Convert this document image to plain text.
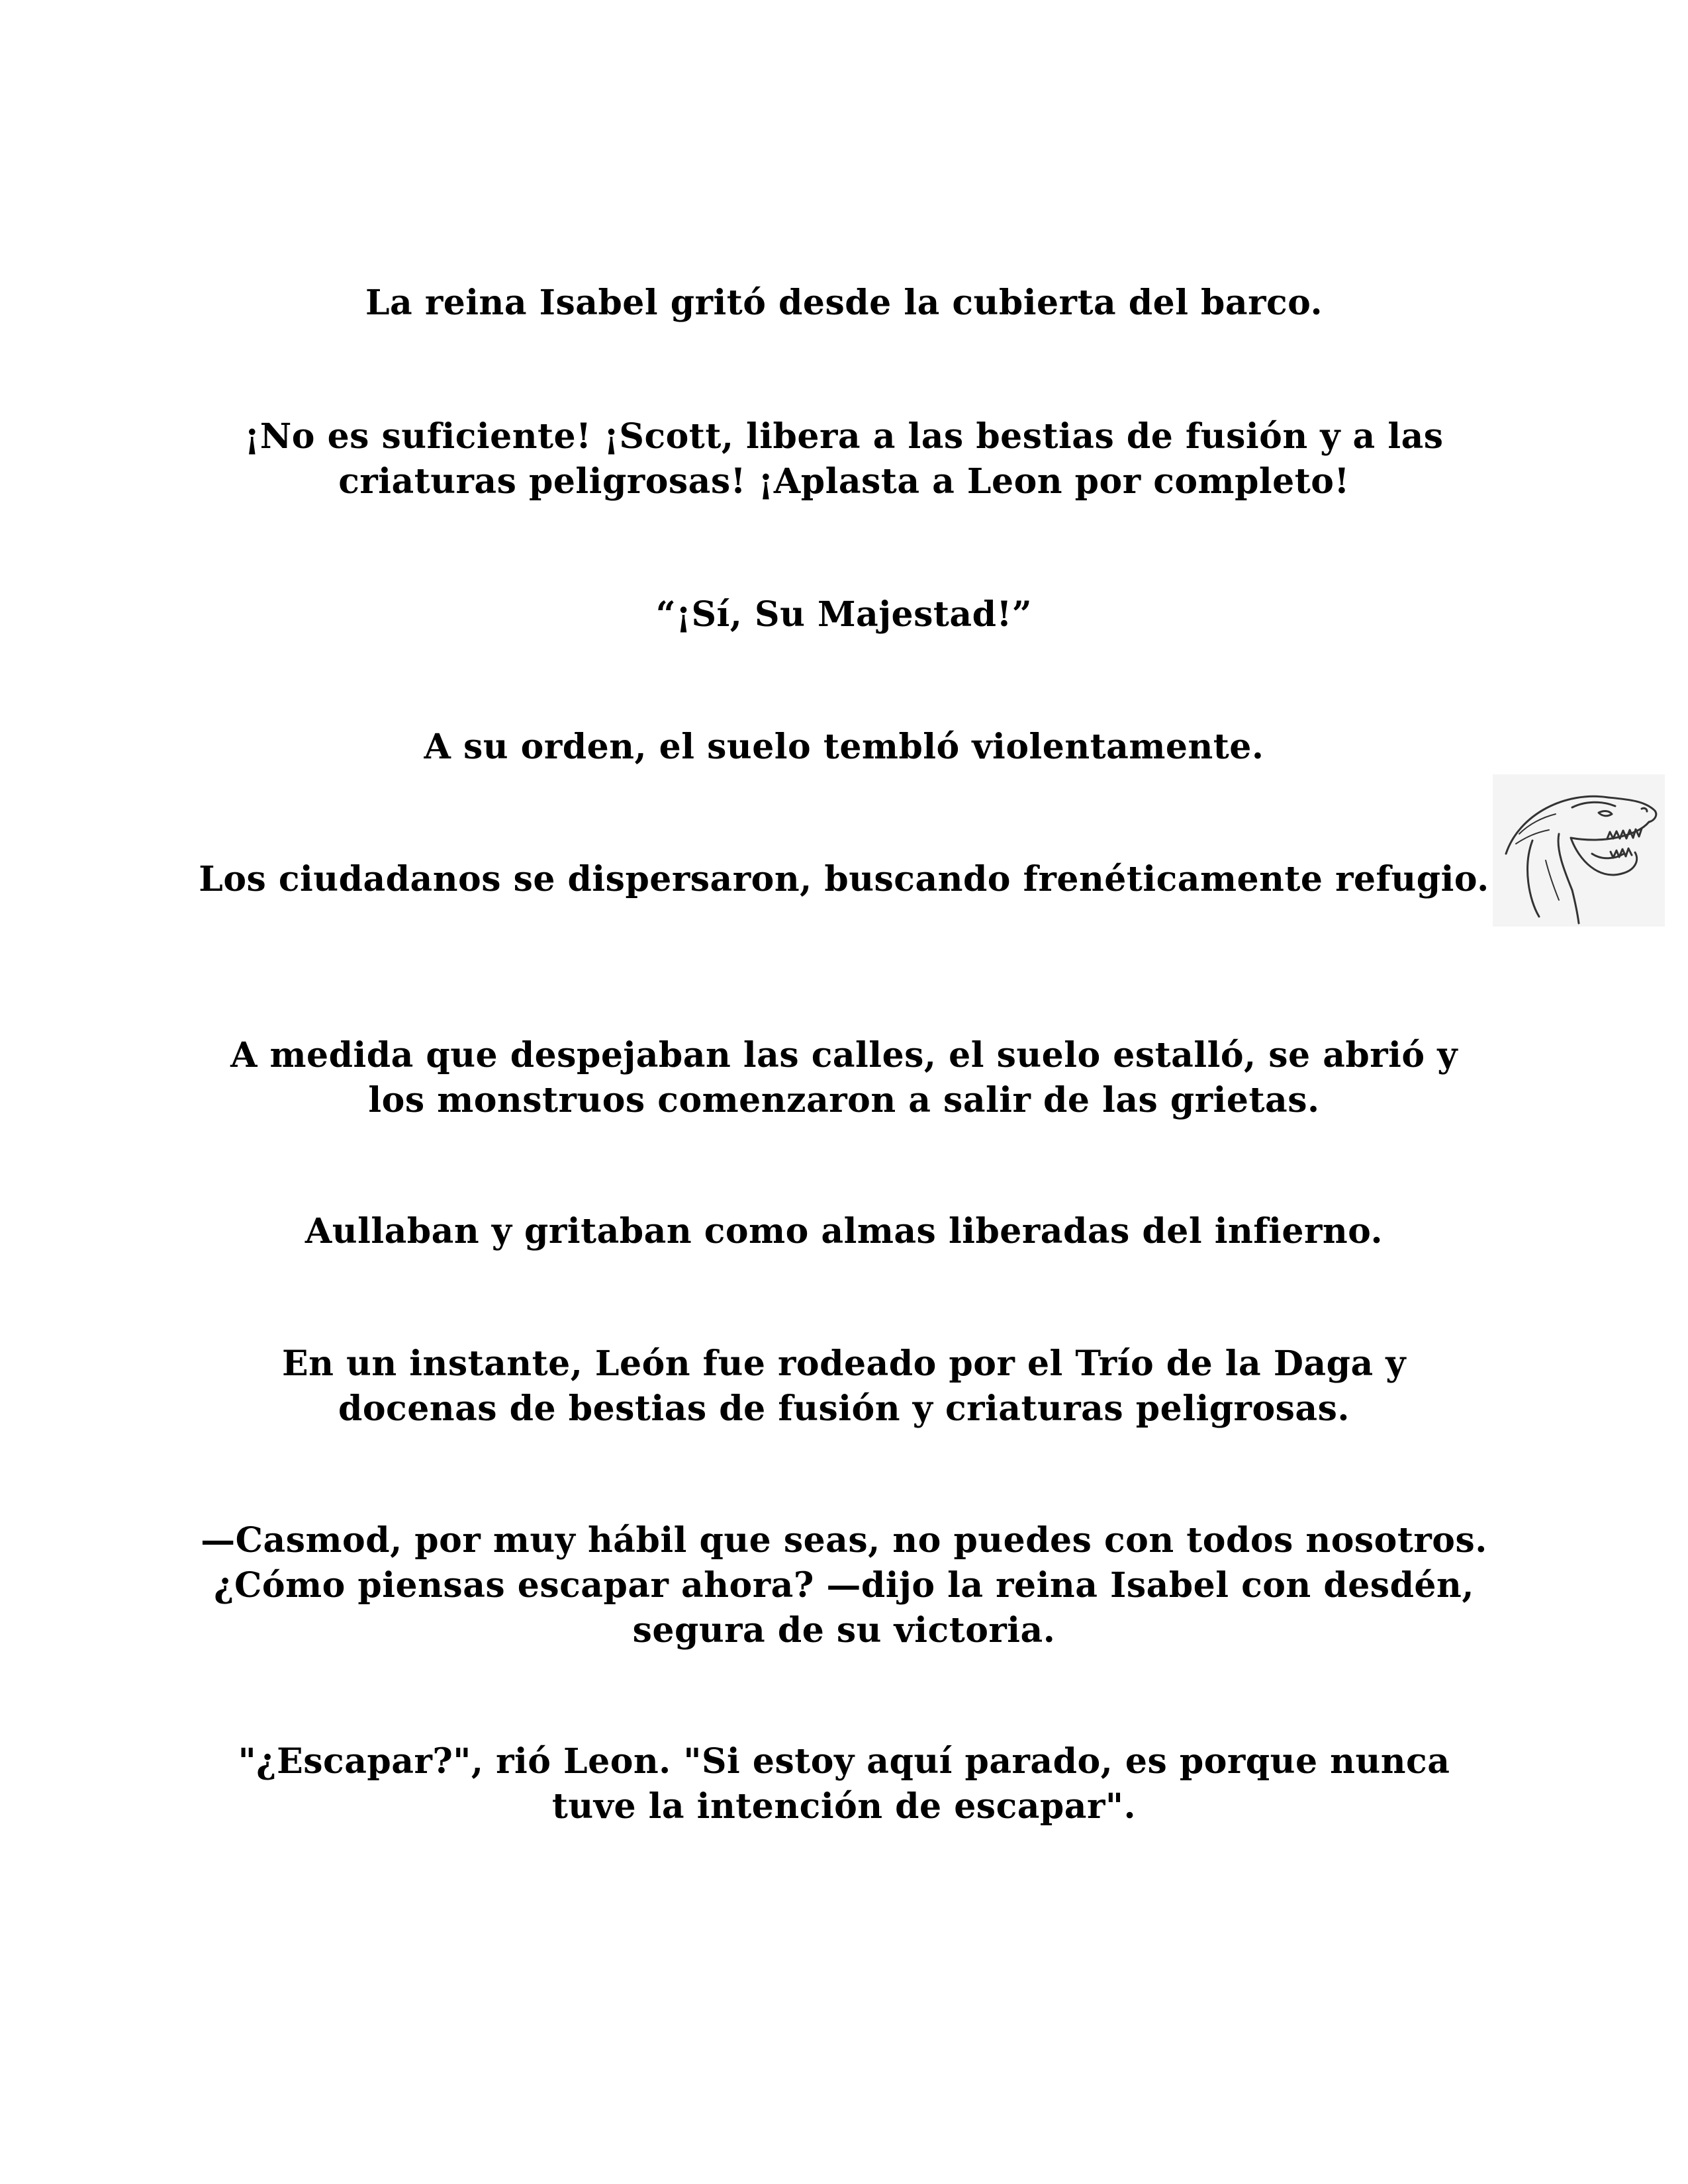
La reina Isabel gritó desde la cubierta del barco.

¡No es suficiente! ¡Scott, libera a las bestias de fusión y a las criaturas peligrosas! ¡Aplasta a Leon por completo!

“¡Sí, Su Majestad!”

A su orden, el suelo tembló violentamente.

Los ciudadanos se dispersaron, buscando frenéticamente refugio.

A medida que despejaban las calles, el suelo estalló, se abrió y los monstruos comenzaron a salir de las grietas.

Aullaban y gritaban como almas liberadas del infierno.

En un instante, León fue rodeado por el Trío de la Daga y docenas de bestias de fusión y criaturas peligrosas.

—Casmod, por muy hábil que seas, no puedes con todos nosotros. ¿Cómo piensas escapar ahora? —dijo la reina Isabel con desdén, segura de su victoria.

"¿Escapar?", rió Leon. "Si estoy aquí parado, es porque nunca tuve la intención de escapar".
